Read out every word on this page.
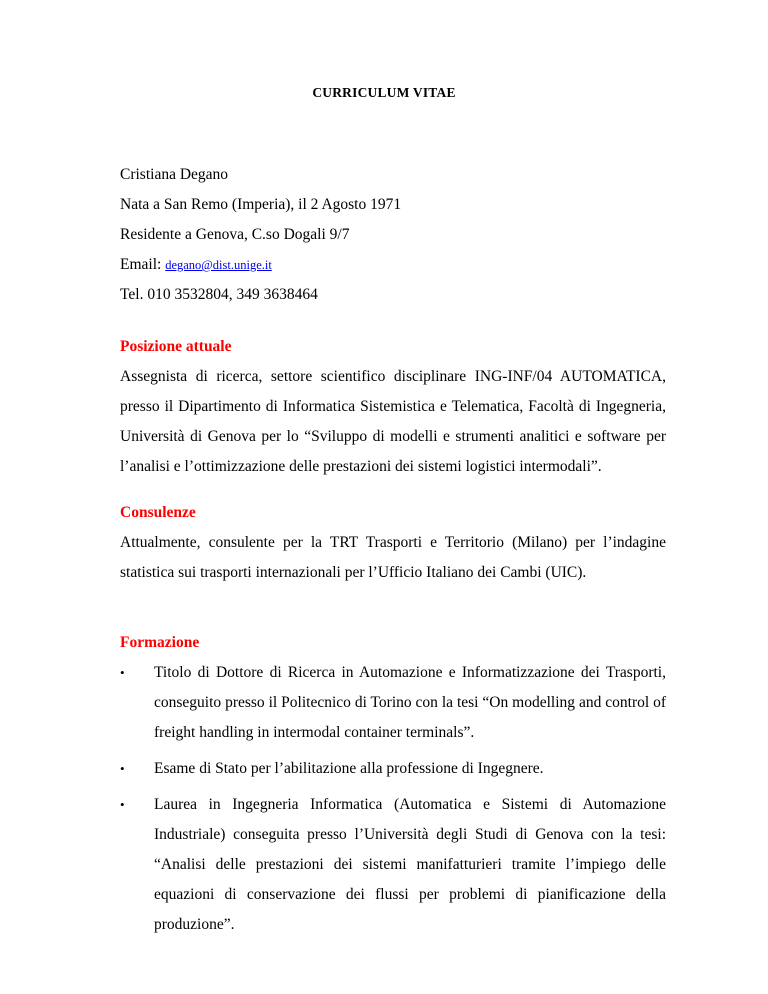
CURRICULUM VITAE

Cristiana Degano

Nata a San Remo (Imperia), il 2 Agosto 1971

Residente a Genova, C.so Dogali 9/7

Email: degano@dist.unige.it

Tel. 010 3532804, 349 3638464

Posizione attuale

Assegnista di ricerca, settore scientifico disciplinare ING-INF/04 AUTOMATICA, presso il Dipartimento di Informatica Sistemistica e Telematica, Facoltà di Ingegneria, Università di Genova per lo “Sviluppo di modelli e strumenti analitici e software per l’analisi e l’ottimizzazione delle prestazioni dei sistemi logistici intermodali”.

Consulenze

Attualmente, consulente per la TRT Trasporti e Territorio (Milano) per l’indagine statistica sui trasporti internazionali per l’Ufficio Italiano dei Cambi (UIC).

Formazione

• Titolo di Dottore di Ricerca in Automazione e Informatizzazione dei Trasporti, conseguito presso il Politecnico di Torino con la tesi “On modelling and control of freight handling in intermodal container terminals”.
• Esame di Stato per l’abilitazione alla professione di Ingegnere.
• Laurea in Ingegneria Informatica (Automatica e Sistemi di Automazione Industriale) conseguita presso l’Università degli Studi di Genova con la tesi: “Analisi delle prestazioni dei sistemi manifatturieri tramite l’impiego delle equazioni di conservazione dei flussi per problemi di pianificazione della produzione”.
